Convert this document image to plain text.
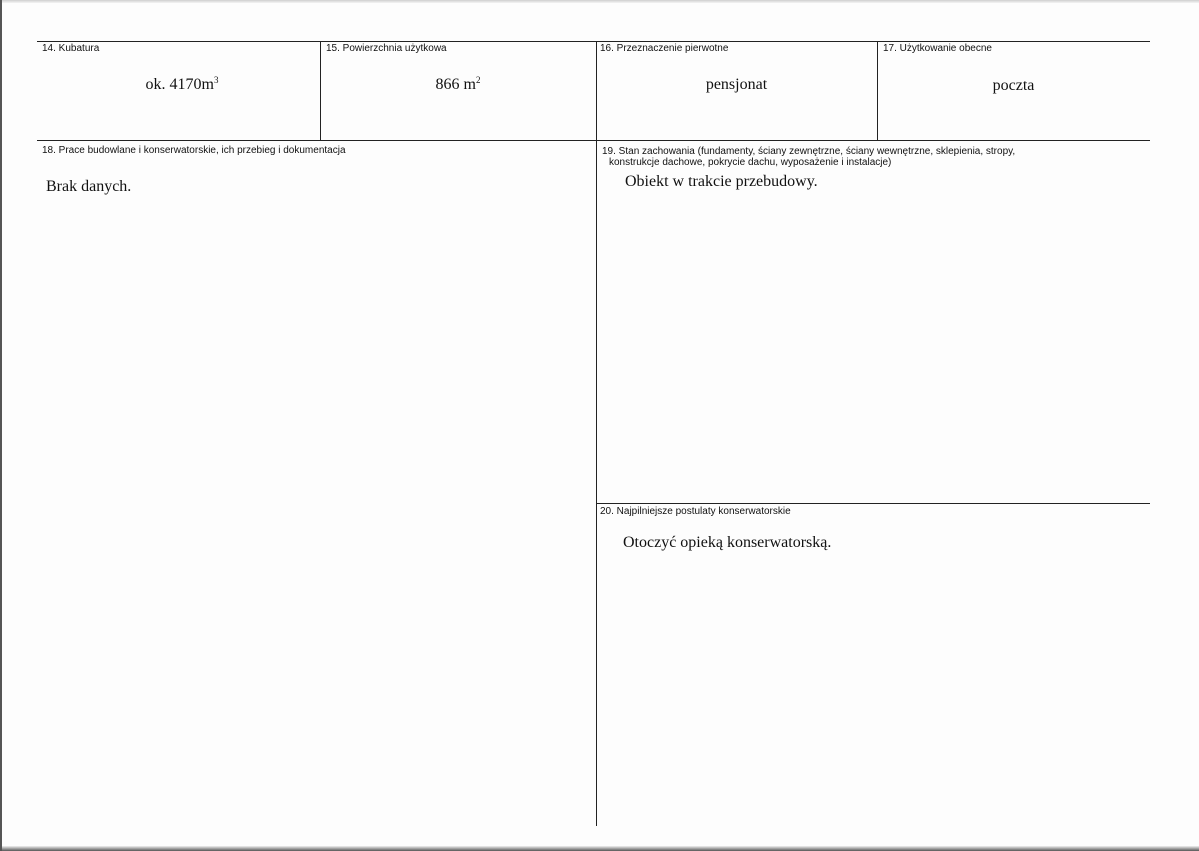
14. Kubatura
ok. $4170m^3$
15. Powierzchnia użytkowa
866 $m^2$
16. Przeznaczenie pierwotne
pensjonat
17. Użytkowanie obecne
poczta
18. Prace budowlane i konserwatorskie, ich przebieg i dokumentacja
Brak danych.
19. Stan zachowania (fundamenty, ściany zewnętrzne, ściany wewnętrzne, sklepienia, stropy,
konstrukcje dachowe, pokrycie dachu, wyposażenie i instalacje)
Obiekt w trakcie przebudowy.
20. Najpilniejsze postulaty konserwatorskie
Otoczyć opieką konserwatorską.
